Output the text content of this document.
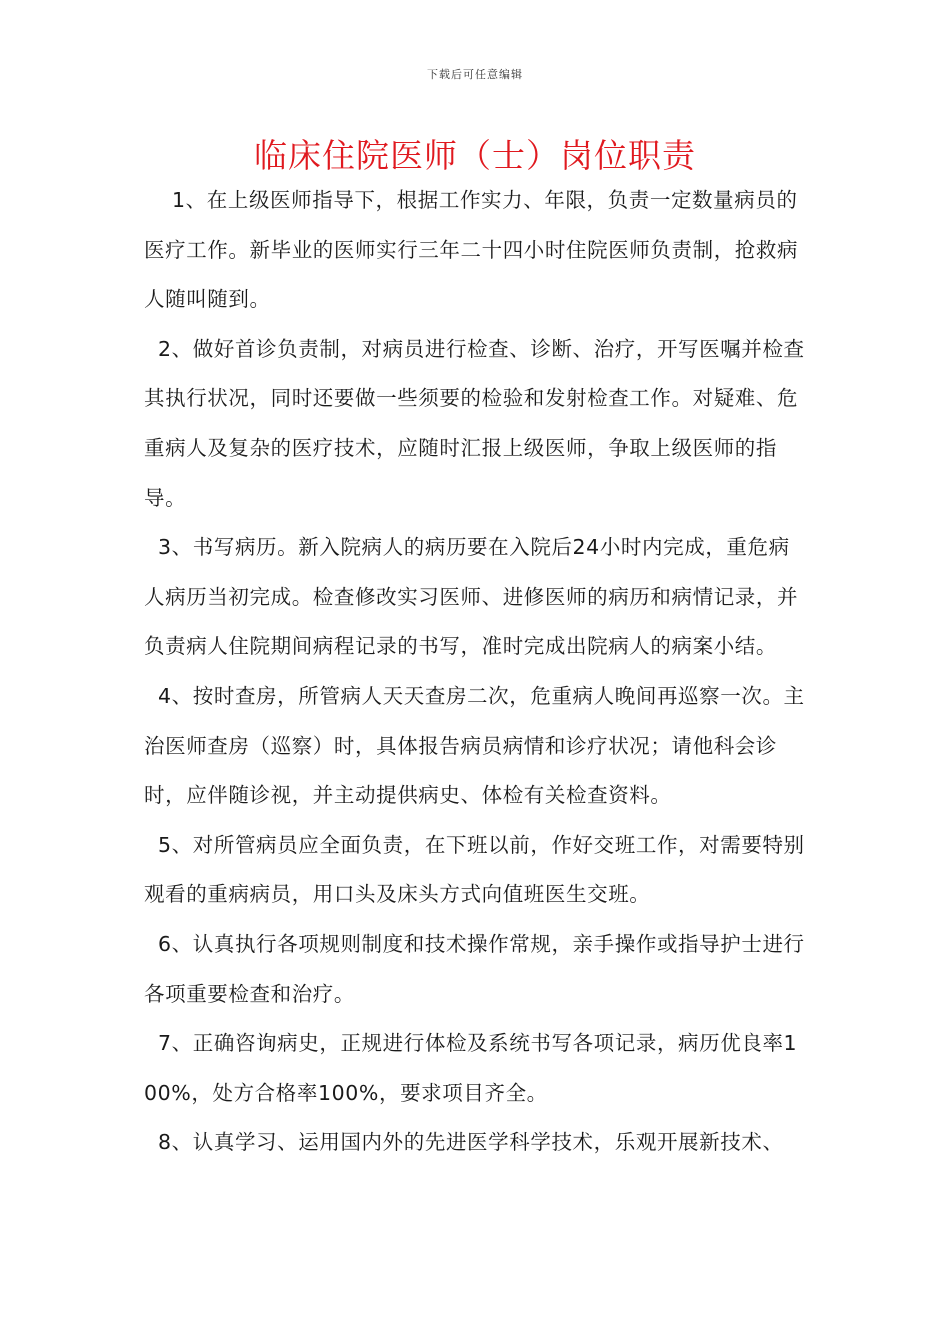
下载后可任意编辑
临床住院医师（士）岗位职责

1、在上级医师指导下，根据工作实力、年限，负责一定数量病员的医疗工作。新毕业的医师实行三年二十四小时住院医师负责制，抢救病人随叫随到。

2、做好首诊负责制，对病员进行检查、诊断、治疗，开写医嘱并检查其执行状况，同时还要做一些须要的检验和发射检查工作。对疑难、危重病人及复杂的医疗技术，应随时汇报上级医师，争取上级医师的指导。

3、书写病历。新入院病人的病历要在入院后24小时内完成，重危病人病历当初完成。检查修改实习医师、进修医师的病历和病情记录，并负责病人住院期间病程记录的书写，准时完成出院病人的病案小结。

4、按时查房，所管病人天天查房二次，危重病人晚间再巡察一次。主治医师查房（巡察）时，具体报告病员病情和诊疗状况；请他科会诊时，应伴随诊视，并主动提供病史、体检有关检查资料。

5、对所管病员应全面负责，在下班以前，作好交班工作，对需要特别观看的重病病员，用口头及床头方式向值班医生交班。

6、认真执行各项规则制度和技术操作常规，亲手操作或指导护士进行各项重要检查和治疗。

7、正确咨询病史，正规进行体检及系统书写各项记录，病历优良率100%，处方合格率100%，要求项目齐全。

8、认真学习、运用国内外的先进医学科学技术，乐观开展新技术、
